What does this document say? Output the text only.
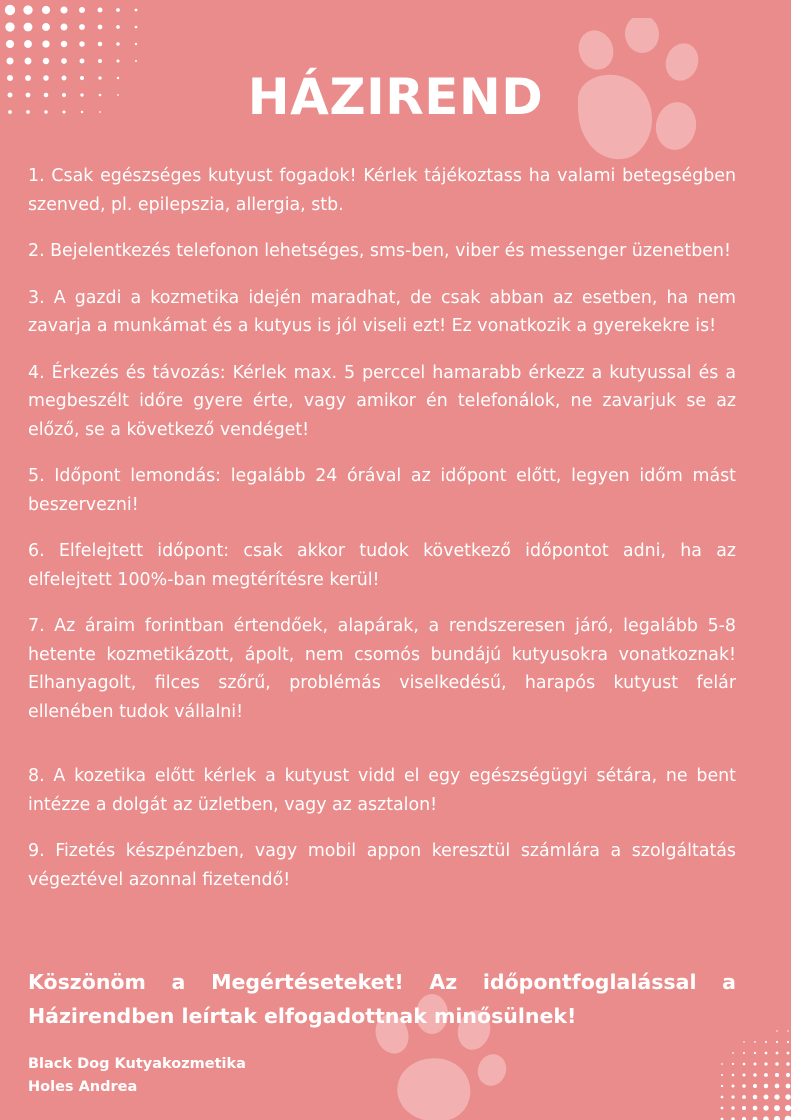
HÁZIREND
1. Csak egészséges kutyust fogadok! Kérlek tájékoztass ha valami betegségben szenved, pl. epilepszia, allergia, stb.
2. Bejelentkezés telefonon lehetséges, sms-ben, viber és messenger üzenetben!
3. A gazdi a kozmetika idején maradhat, de csak abban az esetben, ha nem zavarja a munkámat és a kutyus is jól viseli ezt! Ez vonatkozik a gyerekekre is!
4. Érkezés és távozás: Kérlek max. 5 perccel hamarabb érkezz a kutyussal és a megbeszélt időre gyere érte, vagy amikor én telefonálok, ne zavarjuk se az előző, se a következő vendéget!
5. Időpont lemondás: legalább 24 órával az időpont előtt, legyen időm mást beszervezni!
6. Elfelejtett időpont: csak akkor tudok következő időpontot adni, ha az elfelejtett 100%-ban megtérítésre kerül!
7. Az áraim forintban értendőek, alapárak, a rendszeresen járó, legalább 5-8 hetente kozmetikázott, ápolt, nem csomós bundájú kutyusokra vonatkoznak! Elhanyagolt, filces szőrű, problémás viselkedésű, harapós kutyust felár ellenében tudok vállalni!
8. A kozetika előtt kérlek a kutyust vidd el egy egészségügyi sétára, ne bent intézze a dolgát az üzletben, vagy az asztalon!
9. Fizetés készpénzben, vagy mobil appon keresztül számlára a szolgáltatás végeztével azonnal fizetendő!

Köszönöm a Megértéseteket! Az időpontfoglalással a Házirendben leírtak elfogadottnak minősülnek!

Black Dog Kutyakozmetika
Holes Andrea
